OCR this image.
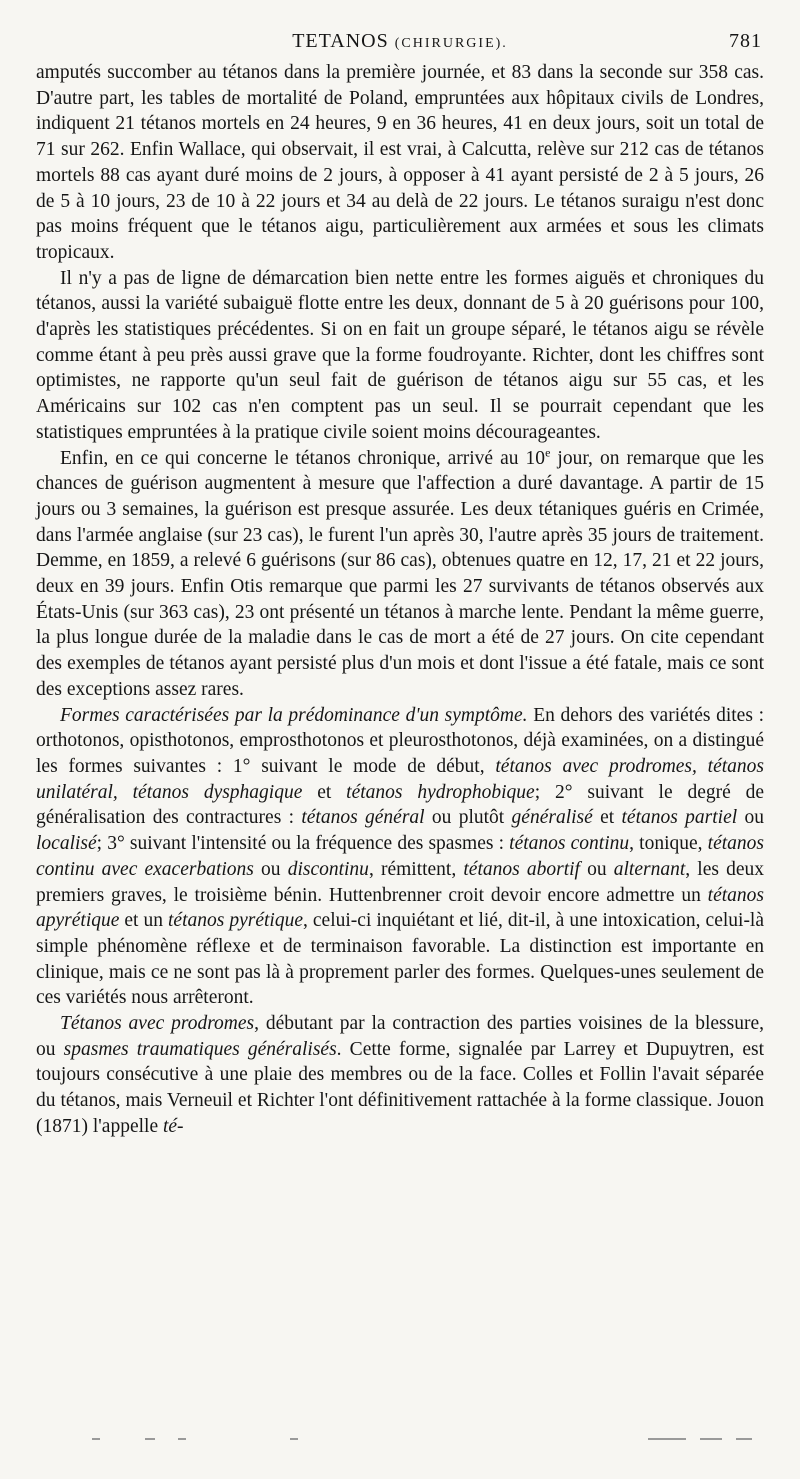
TETANOS (CHIRURGIE).	781

amputés succomber au tétanos dans la première journée, et 83 dans la seconde sur 358 cas. D'autre part, les tables de mortalité de Poland, empruntées aux hôpitaux civils de Londres, indiquent 21 tétanos mortels en 24 heures, 9 en 36 heures, 41 en deux jours, soit un total de 71 sur 262. Enfin Wallace, qui observait, il est vrai, à Calcutta, relève sur 212 cas de tétanos mortels 88 cas ayant duré moins de 2 jours, à opposer à 41 ayant persisté de 2 à 5 jours, 26 de 5 à 10 jours, 23 de 10 à 22 jours et 34 au delà de 22 jours. Le tétanos suraigu n'est donc pas moins fréquent que le tétanos aigu, particulièrement aux armées et sous les climats tropicaux.

Il n'y a pas de ligne de démarcation bien nette entre les formes aiguës et chroniques du tétanos, aussi la variété subaiguë flotte entre les deux, donnant de 5 à 20 guérisons pour 100, d'après les statistiques précédentes. Si on en fait un groupe séparé, le tétanos aigu se révèle comme étant à peu près aussi grave que la forme foudroyante. Richter, dont les chiffres sont optimistes, ne rapporte qu'un seul fait de guérison de tétanos aigu sur 55 cas, et les Américains sur 102 cas n'en comptent pas un seul. Il se pourrait cependant que les statistiques empruntées à la pratique civile soient moins décourageantes.

Enfin, en ce qui concerne le tétanos chronique, arrivé au 10e jour, on remarque que les chances de guérison augmentent à mesure que l'affection a duré davantage. A partir de 15 jours ou 3 semaines, la guérison est presque assurée. Les deux tétaniques guéris en Crimée, dans l'armée anglaise (sur 23 cas), le furent l'un après 30, l'autre après 35 jours de traitement. Demme, en 1859, a relevé 6 guérisons (sur 86 cas), obtenues quatre en 12, 17, 21 et 22 jours, deux en 39 jours. Enfin Otis remarque que parmi les 27 survivants de tétanos observés aux États-Unis (sur 363 cas), 23 ont présenté un tétanos à marche lente. Pendant la même guerre, la plus longue durée de la maladie dans le cas de mort a été de 27 jours. On cite cependant des exemples de tétanos ayant persisté plus d'un mois et dont l'issue a été fatale, mais ce sont des exceptions assez rares.

Formes caractérisées par la prédominance d'un symptôme. En dehors des variétés dites : orthotonos, opisthotonos, emprosthotonos et pleurosthotonos, déjà examinées, on a distingué les formes suivantes : 1° suivant le mode de début, tétanos avec prodromes, tétanos unilatéral, tétanos dysphagique et tétanos hydrophobique; 2° suivant le degré de généralisation des contractures : tétanos général ou plutôt généralisé et tétanos partiel ou localisé; 3° suivant l'intensité ou la fréquence des spasmes : tétanos continu, tonique, tétanos continu avec exacerbations ou discontinu, rémittent, tétanos abortif ou alternant, les deux premiers graves, le troisième bénin. Huttenbrenner croit devoir encore admettre un tétanos apyrétique et un tétanos pyrétique, celui-ci inquiétant et lié, dit-il, à une intoxication, celui-là simple phénomène réflexe et de terminaison favorable. La distinction est importante en clinique, mais ce ne sont pas là à proprement parler des formes. Quelques-unes seulement de ces variétés nous arrêteront.

Tétanos avec prodromes, débutant par la contraction des parties voisines de la blessure, ou spasmes traumatiques généralisés. Cette forme, signalée par Larrey et Dupuytren, est toujours consécutive à une plaie des membres ou de la face. Colles et Follin l'avait séparée du tétanos, mais Verneuil et Richter l'ont définitivement rattachée à la forme classique. Jouon (1871) l'appelle té-
